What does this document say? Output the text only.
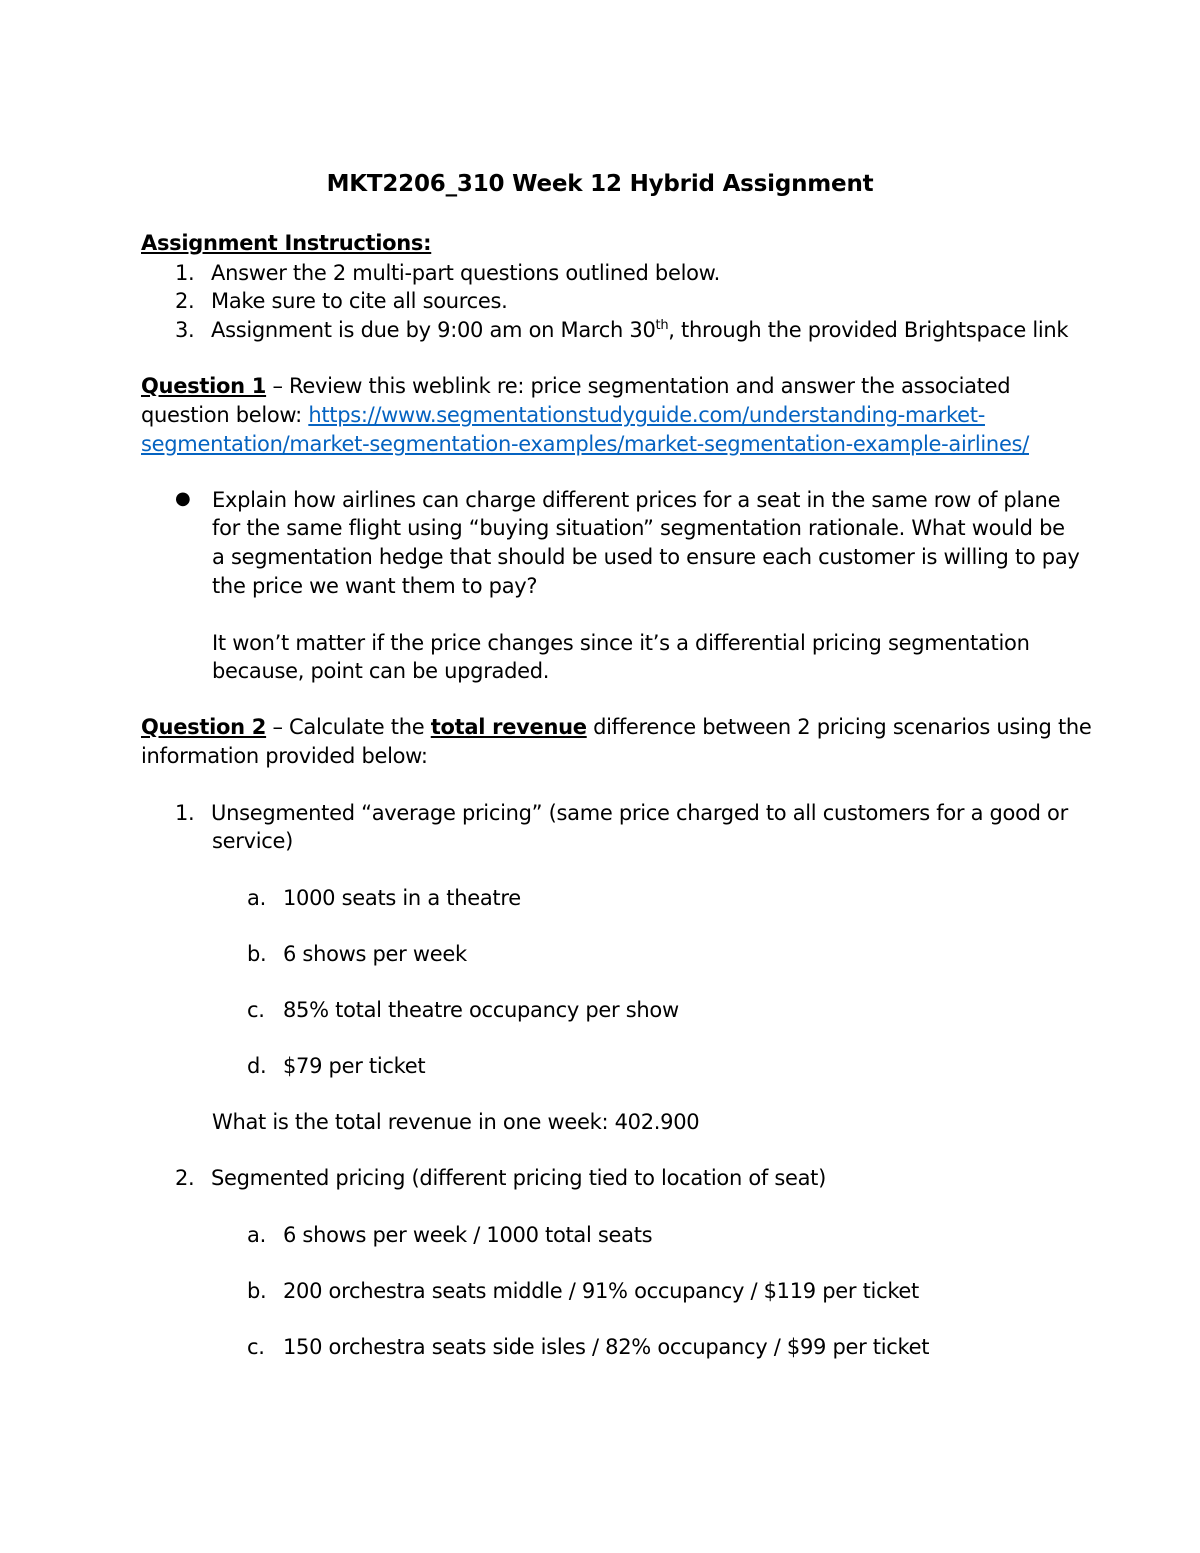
MKT2206_310 Week 12 Hybrid Assignment
Assignment Instructions:
1. Answer the 2 multi-part questions outlined below.
2. Make sure to cite all sources.
3. Assignment is due by 9:00 am on March 30th, through the provided Brightspace link
Question 1 – Review this weblink re: price segmentation and answer the associated
question below: https://www.segmentationstudyguide.com/understanding-market-
segmentation/market-segmentation-examples/market-segmentation-example-airlines/
● Explain how airlines can charge different prices for a seat in the same row of plane
for the same flight using “buying situation” segmentation rationale. What would be
a segmentation hedge that should be used to ensure each customer is willing to pay
the price we want them to pay?
It won’t matter if the price changes since it’s a differential pricing segmentation
because, point can be upgraded.
Question 2 – Calculate the total revenue difference between 2 pricing scenarios using the
information provided below:
1. Unsegmented “average pricing” (same price charged to all customers for a good or
service)
a. 1000 seats in a theatre
b. 6 shows per week
c. 85% total theatre occupancy per show
d. $79 per ticket
What is the total revenue in one week: 402.900
2. Segmented pricing (different pricing tied to location of seat)
a. 6 shows per week / 1000 total seats
b. 200 orchestra seats middle / 91% occupancy / $119 per ticket
c. 150 orchestra seats side isles / 82% occupancy / $99 per ticket
